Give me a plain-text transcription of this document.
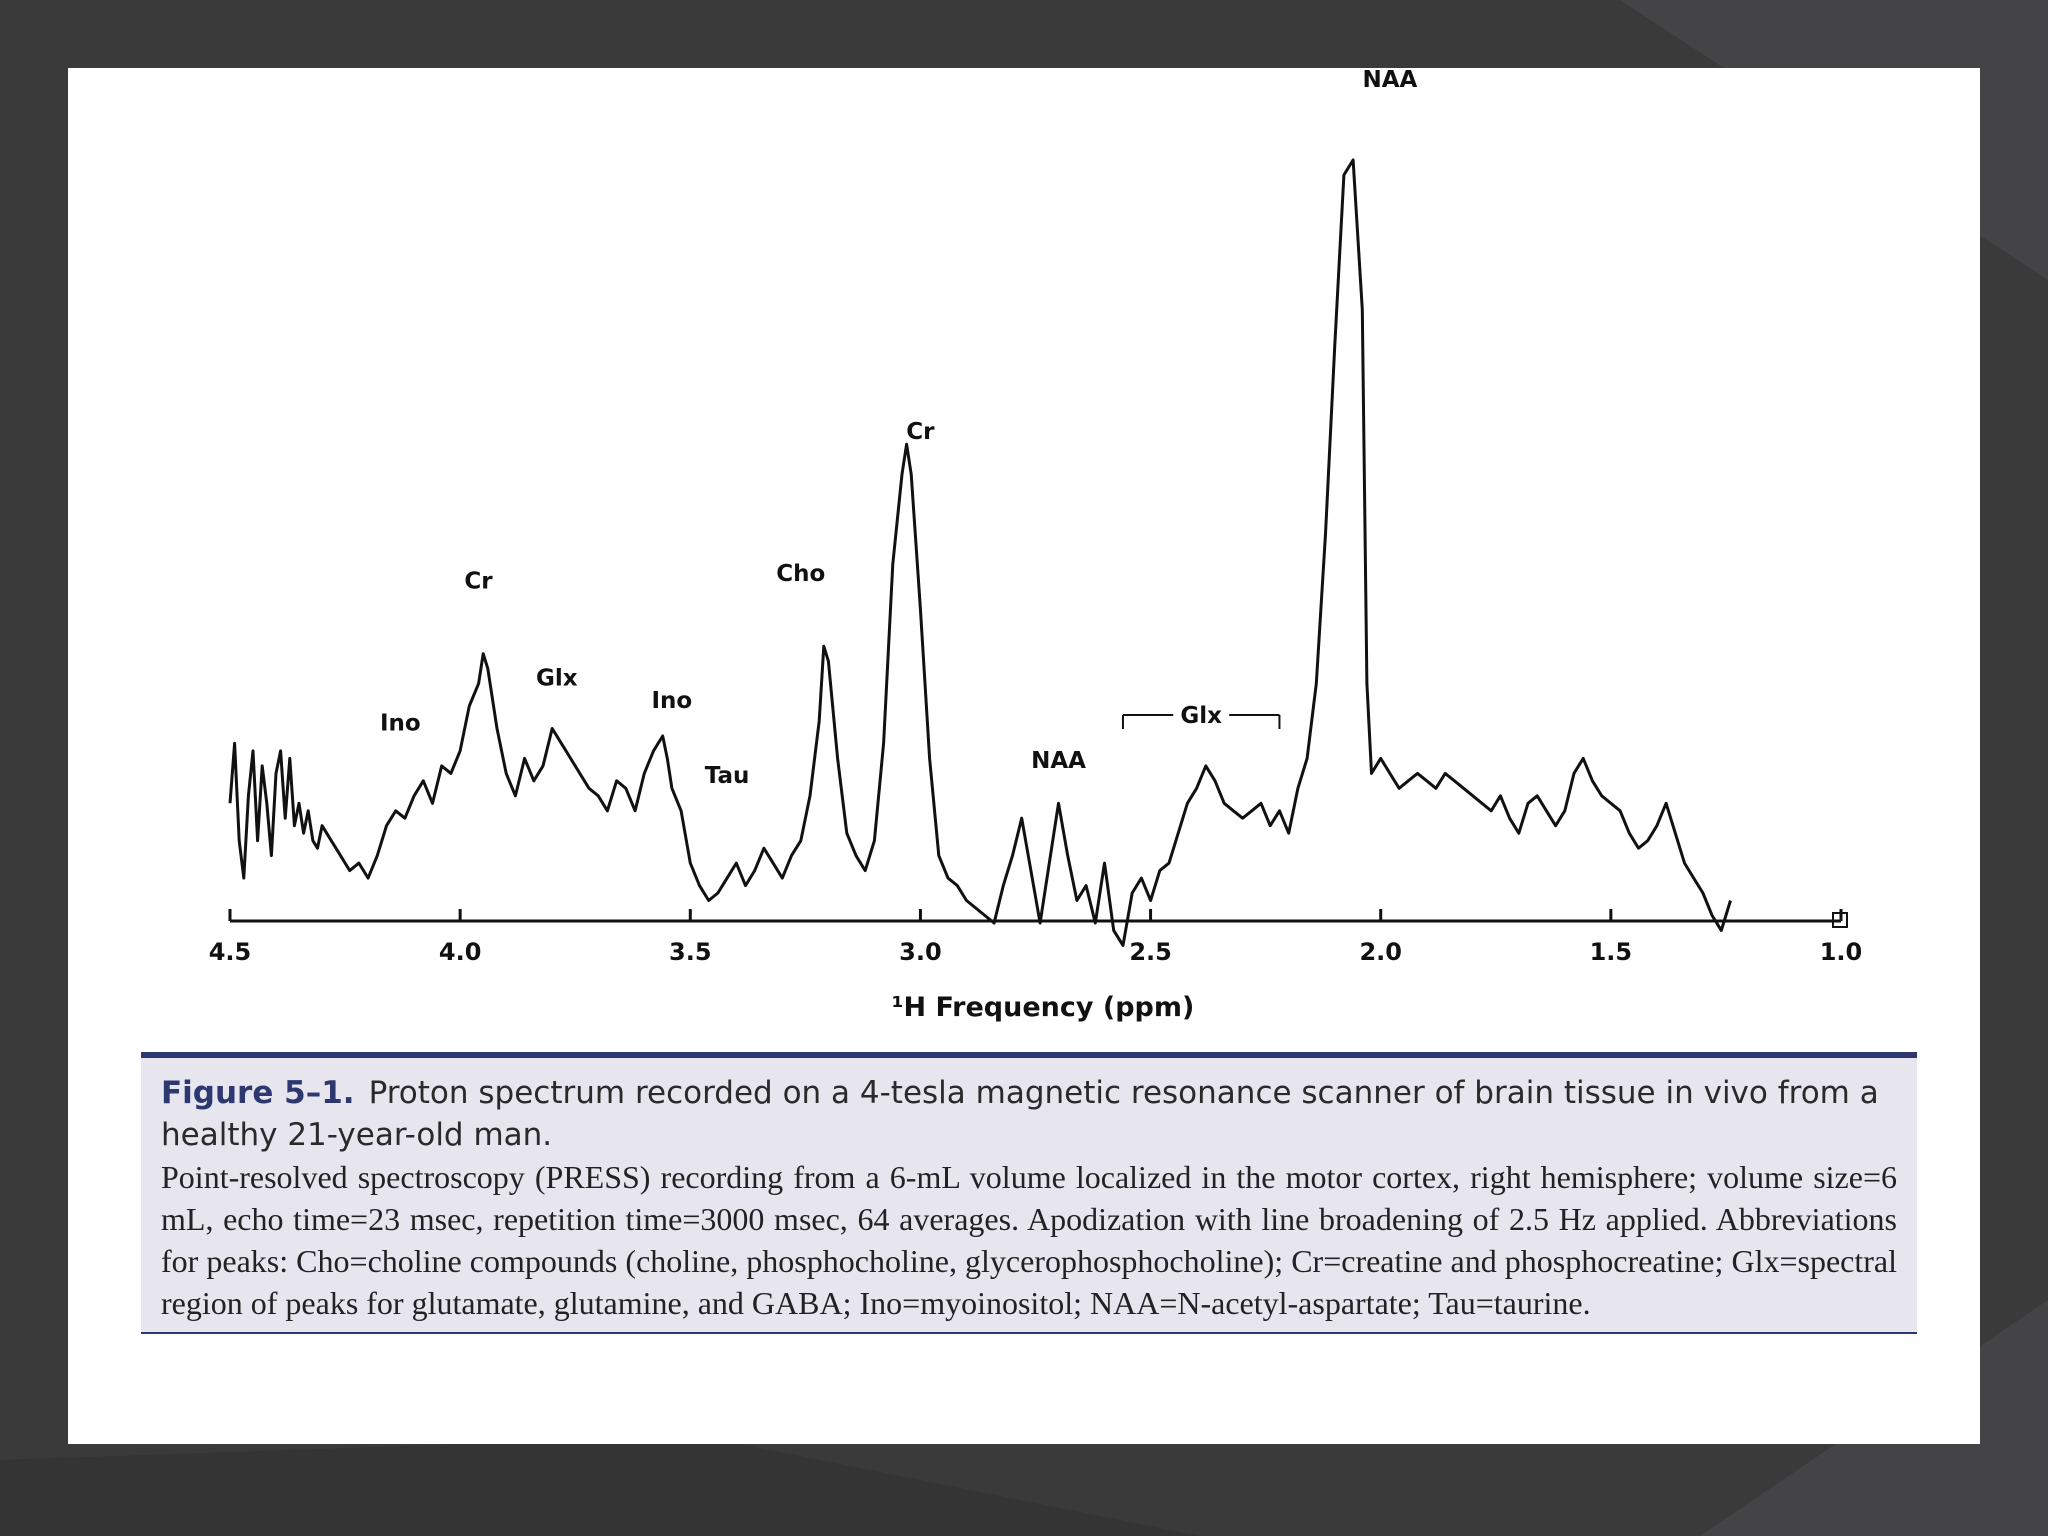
4.5	4.0	3.5	3.0	2.5	2.0	1.5	1.0
NAA
Cr
Cho
Cr
Glx
Ino
Ino
Tau
NAA
Glx
¹H Frequency (ppm)
Figure 5–1. Proton spectrum recorded on a 4-tesla magnetic resonance scanner of brain tissue in vivo from a healthy 21-year-old man.
Point-resolved spectroscopy (PRESS) recording from a 6-mL volume localized in the motor cortex, right hemisphere; volume size=6 mL, echo time=23 msec, repetition time=3000 msec, 64 averages. Apodization with line broadening of 2.5 Hz applied. Abbreviations for peaks: Cho=choline compounds (choline, phosphocholine, glycerophosphocholine); Cr=creatine and phosphocreatine; Glx=spectral region of peaks for glutamate, glutamine, and GABA; Ino=myoinositol; NAA=N-acetyl-aspartate; Tau=taurine.
